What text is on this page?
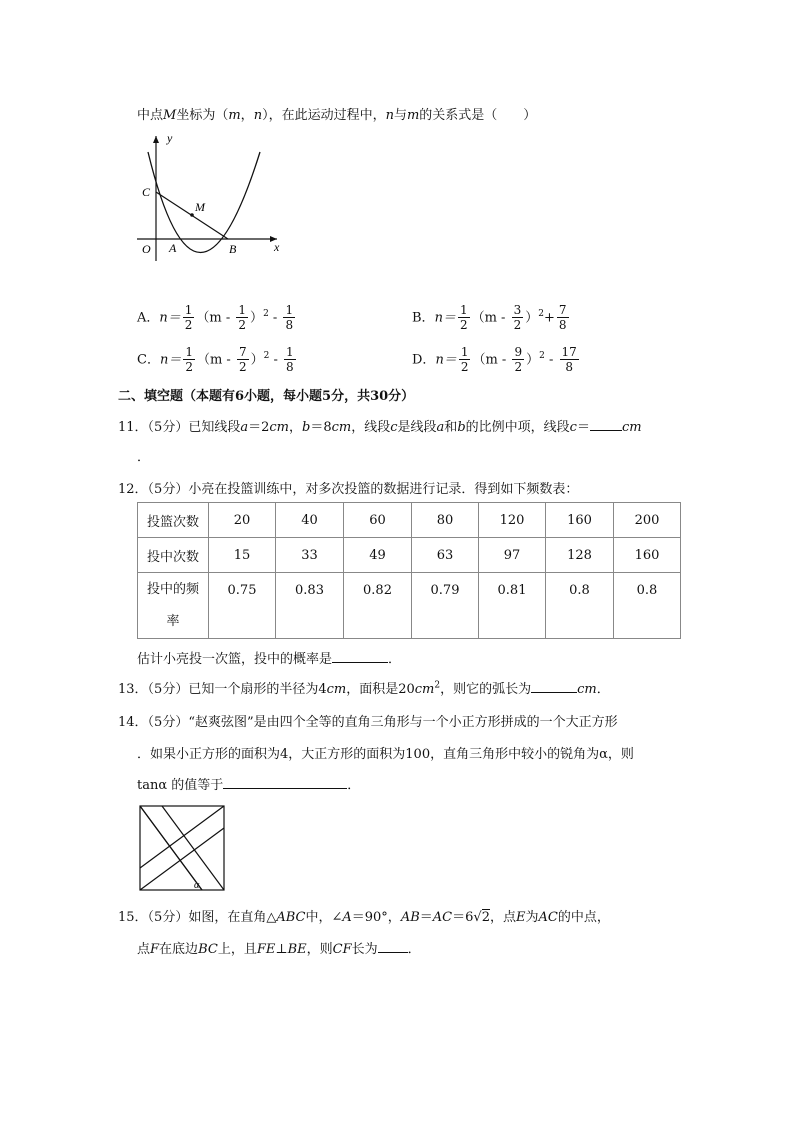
中点M坐标为（m，n），在此运动过程中，n与m的关系式是（　　）
y
x
O A	B
C
M
A．$n= \frac{1}{2} (m - \frac{1}{2} )^2 - \frac{1}{8}$	B．$n= \frac{1}{2} (m - \frac{3}{2} )^2+ \frac{7}{8}$
C．$n= \frac{1}{2} (m - \frac{7}{2} )^2 - \frac{1}{8}$	D．$n= \frac{1}{2} (m - \frac{9}{2} )^2 - \frac{17}{8}$
二、填空题（本题有6小题，每小题5分，共30分）
11．（5分）已知线段a＝2cm，b＝8cm，线段c是线段a和b的比例中项，线段c＝ cm
．
12．（5分）小亮在投篮训练中，对多次投篮的数据进行记录．得到如下频数表：
投篮次数	20	40	60	80	120	160	200
投中次数	15	33	49	63	97	128	160
投中的频
率	0.75	0.83	0.82	0.79	0.81	0.8	0.8
估计小亮投一次篮，投中的概率是	．
13．（5分）已知一个扇形的半径为4cm，面积是$20cm^2$，则它的弧长为	cm．
14．（5分）“赵爽弦图”是由四个全等的直角三角形与一个小正方形拼成的一个大正方形
．如果小正方形的面积为4，大正方形的面积为100，直角三角形中较小的锐角为α，则
tanα 的值等于	．
α
15．（5分）如图，在直角△ABC中，∠A＝90°，AB＝AC＝6√2，点E为AC的中点，
点F在底边BC上，且FE⊥BE，则CF长为 ．
